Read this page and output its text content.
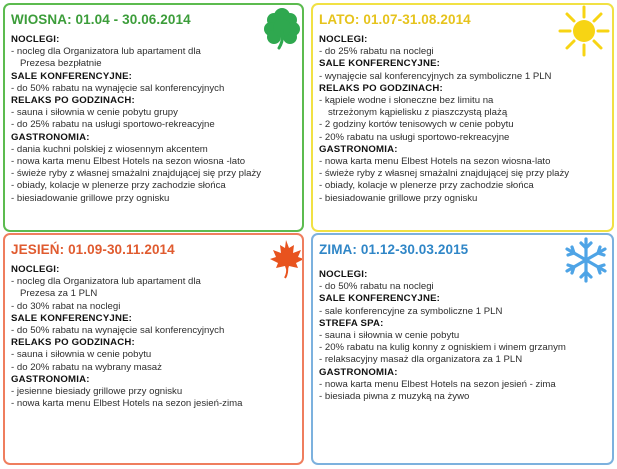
WIOSNA: 01.04 - 30.06.2014
NOCLEGI:
- nocleg dla Organizatora lub apartament dla
Prezesa bezpłatnie
SALE KONFERENCYJNE:
- do 50% rabatu na wynajęcie sal konferencyjnych
RELAKS PO GODZINACH:
- sauna i siłownia w cenie pobytu grupy
- do 25% rabatu na usługi sportowo-rekreacyjne
GASTRONOMIA:
- dania kuchni polskiej z wiosennym akcentem
- nowa karta menu Elbest Hotels na sezon wiosna -lato
- świeże ryby z własnej smażalni znajdującej się przy plaży
- obiady, kolacje w plenerze przy zachodzie słońca
- biesiadowanie grillowe przy ognisku
LATO: 01.07-31.08.2014
NOCLEGI:
- do 25% rabatu na noclegi
SALE KONFERENCYJNE:
- wynajęcie sal konferencyjnych za symboliczne 1 PLN
RELAKS PO GODZINACH:
- kąpiele wodne i słoneczne bez limitu na
strzeżonym kąpielisku z piaszczystą plażą
- 2 godziny kortów tenisowych w cenie pobytu
- 20% rabatu na usługi sportowo-rekreacyjne
GASTRONOMIA:
- nowa karta menu Elbest Hotels na sezon wiosna-lato
- świeże ryby z własnej smażalni znajdującej się przy plaży
- obiady, kolacje w plenerze przy zachodzie słońca
- biesiadowanie grillowe przy ognisku
JESIEŃ: 01.09-30.11.2014
NOCLEGI:
- nocleg dla Organizatora lub apartament dla
Prezesa za 1 PLN
- do 30% rabat na noclegi
SALE KONFERENCYJNE:
- do 50% rabatu na wynajęcie sal konferencyjnych
RELAKS PO GODZINACH:
- sauna i siłownia w cenie pobytu
- do 20% rabatu na wybrany masaż
GASTRONOMIA:
- jesienne biesiady grillowe przy ognisku
- nowa karta menu Elbest Hotels na sezon jesień-zima
ZIMA: 01.12-30.03.2015
NOCLEGI:
- do 50% rabatu na noclegi
SALE KONFERENCYJNE:
- sale konferencyjne za symboliczne 1 PLN
STREFA SPA:
- sauna i siłownia w cenie pobytu
- 20% rabatu na kulig konny z ogniskiem i winem grzanym
- relaksacyjny masaż dla organizatora za 1 PLN
GASTRONOMIA:
- nowa karta menu Elbest Hotels na sezon jesień - zima
- biesiada piwna z muzyką na żywo
